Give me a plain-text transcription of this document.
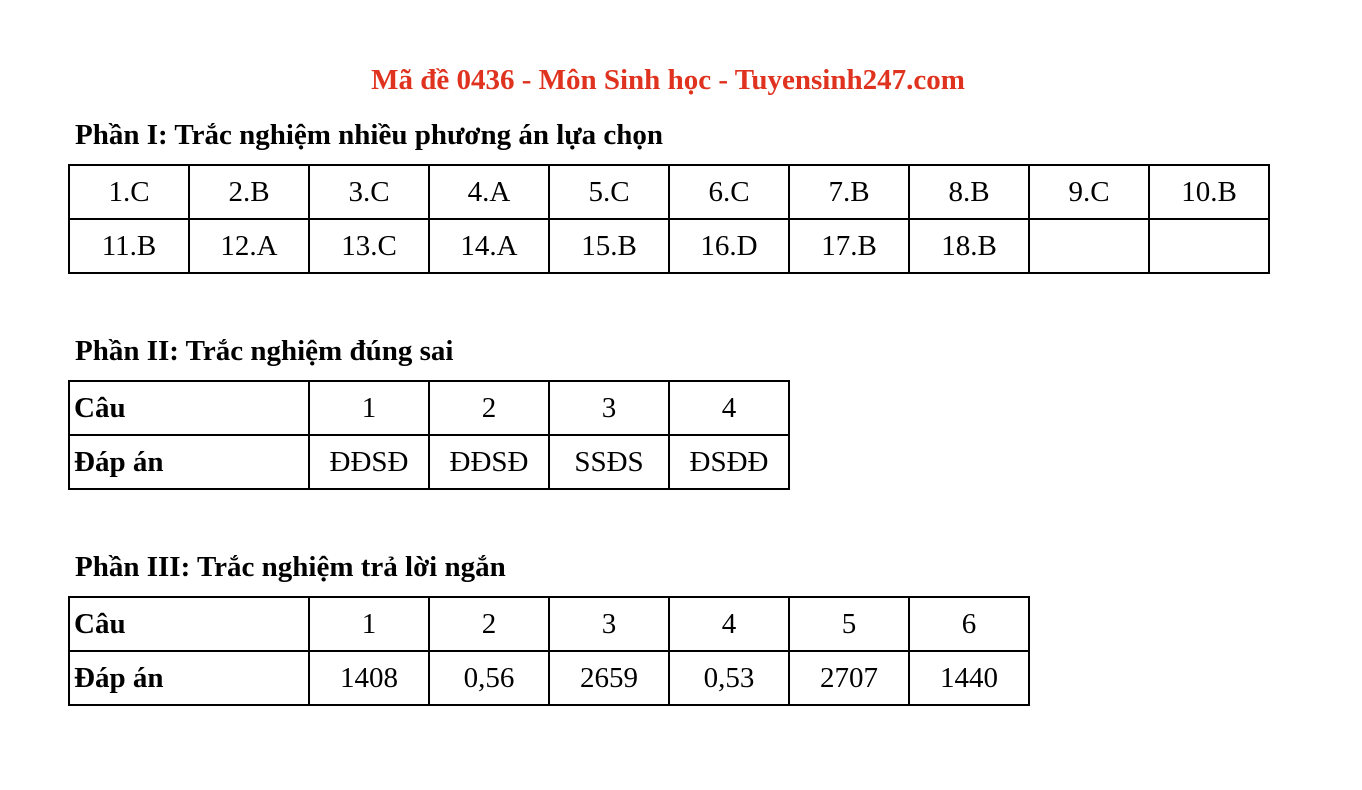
Mã đề 0436 - Môn Sinh học - Tuyensinh247.com
Phần I: Trắc nghiệm nhiều phương án lựa chọn
1.C	2.B	3.C	4.A	5.C	6.C	7.B	8.B	9.C	10.B
11.B	12.A	13.C	14.A	15.B	16.D	17.B	18.B		
Phần II: Trắc nghiệm đúng sai
Câu	1	2	3	4
Đáp án	ĐĐSĐ	ĐĐSĐ	SSĐS	ĐSĐĐ
Phần III: Trắc nghiệm trả lời ngắn
Câu	1	2	3	4	5	6
Đáp án	1408	0,56	2659	0,53	2707	1440
